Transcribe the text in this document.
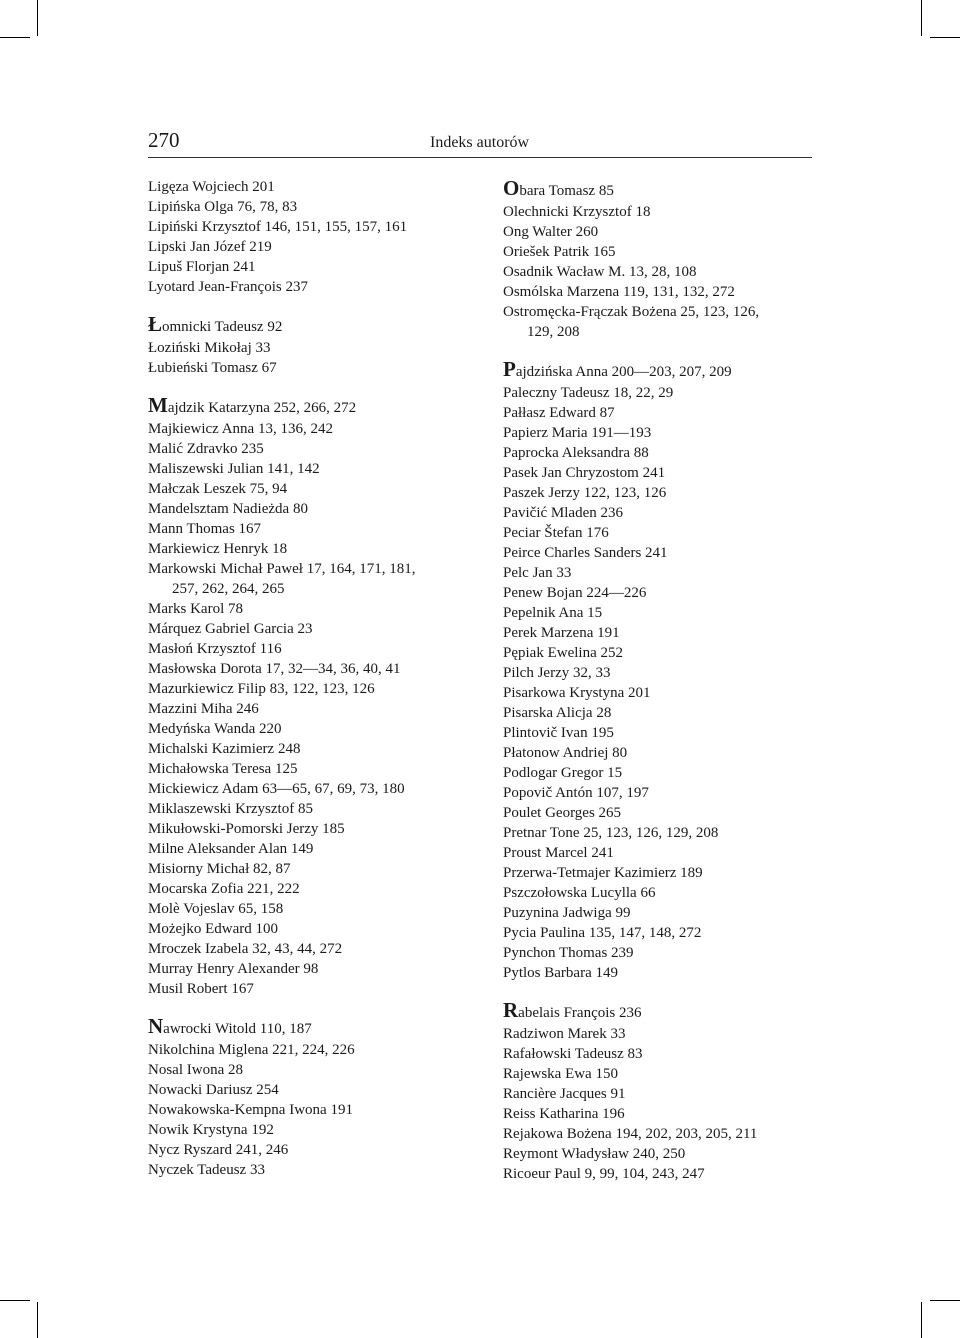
270	Indeks autorów
Ligęza Wojciech 201
Lipińska Olga 76, 78, 83
Lipiński Krzysztof 146, 151, 155, 157, 161
Lipski Jan Józef 219
Lipuš Florjan 241
Lyotard Jean-François 237
Łomnicki Tadeusz 92
Łoziński Mikołaj 33
Łubieński Tomasz 67
Majdzik Katarzyna 252, 266, 272
Majkiewicz Anna 13, 136, 242
Malić Zdravko 235
Maliszewski Julian 141, 142
Małczak Leszek 75, 94
Mandelsztam Nadieżda 80
Mann Thomas 167
Markiewicz Henryk 18
Markowski Michał Paweł 17, 164, 171, 181,
257, 262, 264, 265
Marks Karol 78
Márquez Gabriel Garcia 23
Masłoń Krzysztof 116
Masłowska Dorota 17, 32—34, 36, 40, 41
Mazurkiewicz Filip 83, 122, 123, 126
Mazzini Miha 246
Medyńska Wanda 220
Michalski Kazimierz 248
Michałowska Teresa 125
Mickiewicz Adam 63—65, 67, 69, 73, 180
Miklaszewski Krzysztof 85
Mikułowski-Pomorski Jerzy 185
Milne Aleksander Alan 149
Misiorny Michał 82, 87
Mocarska Zofia 221, 222
Molè Vojeslav 65, 158
Możejko Edward 100
Mroczek Izabela 32, 43, 44, 272
Murray Henry Alexander 98
Musil Robert 167
Nawrocki Witold 110, 187
Nikolchina Miglena 221, 224, 226
Nosal Iwona 28
Nowacki Dariusz 254
Nowakowska-Kempna Iwona 191
Nowik Krystyna 192
Nycz Ryszard 241, 246
Nyczek Tadeusz 33
Obara Tomasz 85
Olechnicki Krzysztof 18
Ong Walter 260
Oriešek Patrik 165
Osadnik Wacław M. 13, 28, 108
Osmólska Marzena 119, 131, 132, 272
Ostromęcka-Frączak Bożena 25, 123, 126,
129, 208
Pajdzińska Anna 200—203, 207, 209
Paleczny Tadeusz 18, 22, 29
Pałłasz Edward 87
Papierz Maria 191—193
Paprocka Aleksandra 88
Pasek Jan Chryzostom 241
Paszek Jerzy 122, 123, 126
Pavičić Mladen 236
Peciar Štefan 176
Peirce Charles Sanders 241
Pelc Jan 33
Penew Bojan 224—226
Pepelnik Ana 15
Perek Marzena 191
Pępiak Ewelina 252
Pilch Jerzy 32, 33
Pisarkowa Krystyna 201
Pisarska Alicja 28
Plintovič Ivan 195
Płatonow Andriej 80
Podlogar Gregor 15
Popovič Antón 107, 197
Poulet Georges 265
Pretnar Tone 25, 123, 126, 129, 208
Proust Marcel 241
Przerwa-Tetmajer Kazimierz 189
Pszczołowska Lucylla 66
Puzynina Jadwiga 99
Pycia Paulina 135, 147, 148, 272
Pynchon Thomas 239
Pytlos Barbara 149
Rabelais François 236
Radziwon Marek 33
Rafałowski Tadeusz 83
Rajewska Ewa 150
Rancière Jacques 91
Reiss Katharina 196
Rejakowa Bożena 194, 202, 203, 205, 211
Reymont Władysław 240, 250
Ricoeur Paul 9, 99, 104, 243, 247
